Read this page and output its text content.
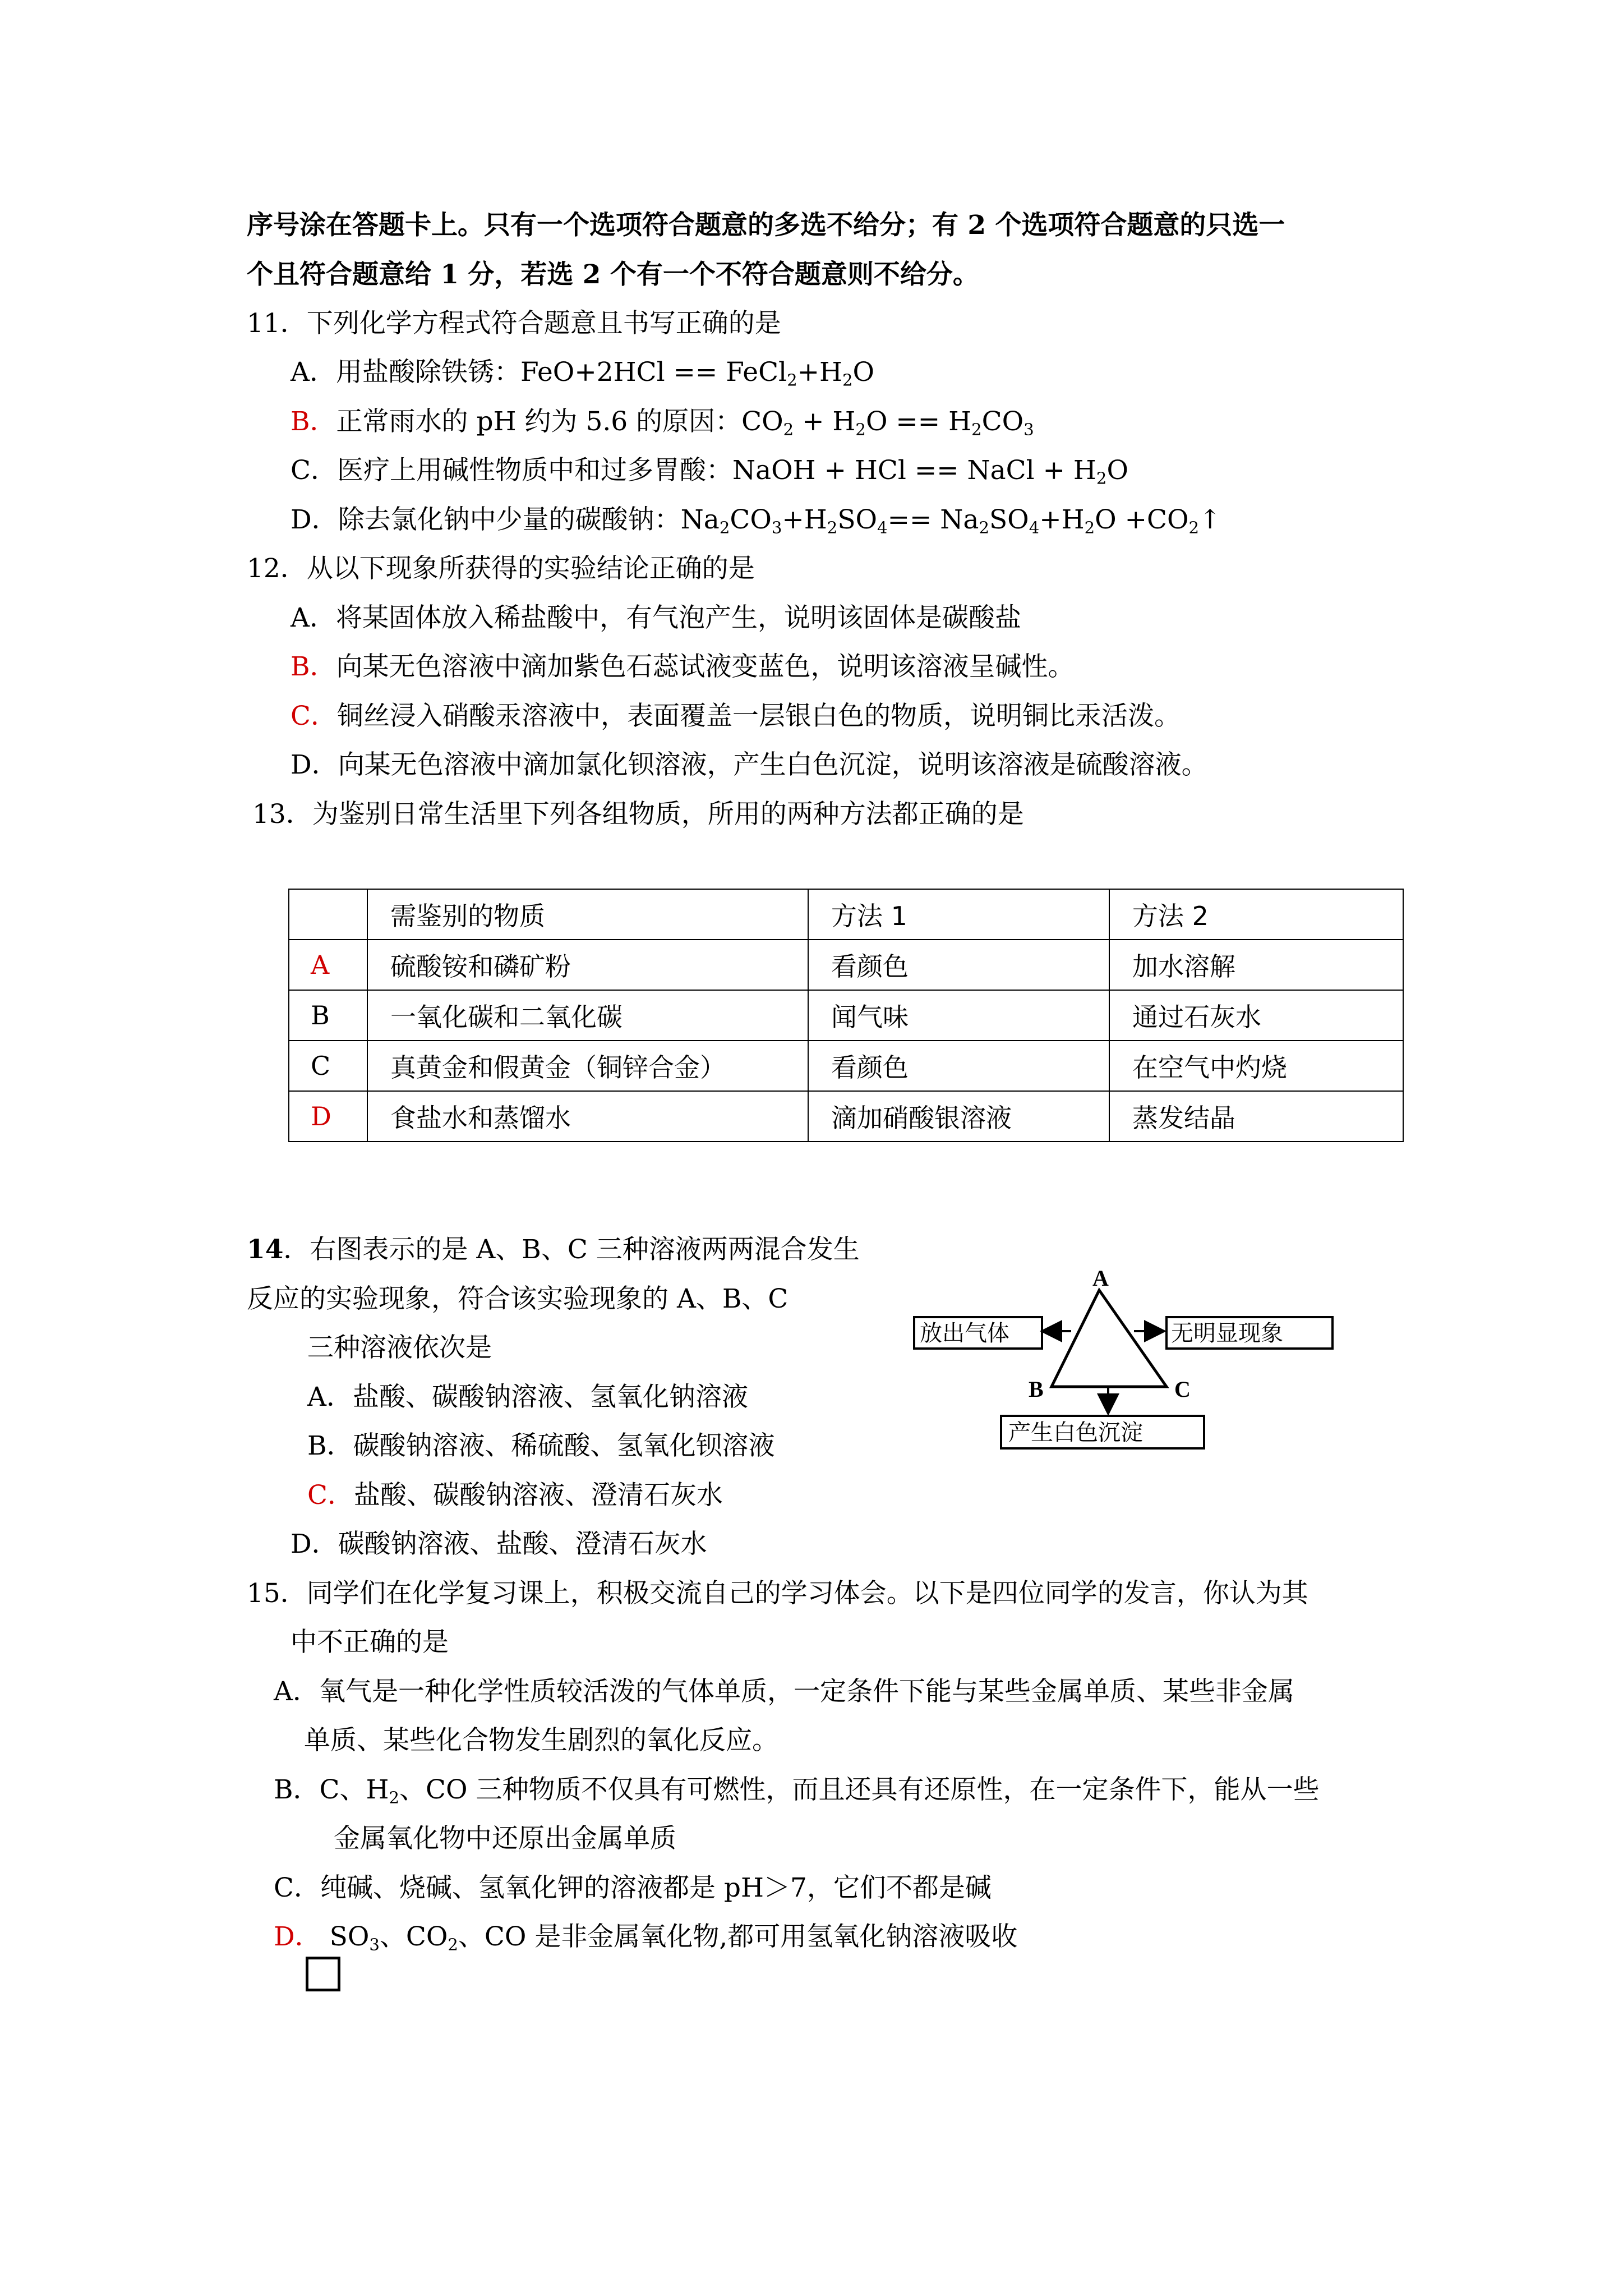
序号涂在答题卡上。只有一个选项符合题意的多选不给分；有 2 个选项符合题意的只选一
个且符合题意给 1 分，若选 2 个有一个不符合题意则不给分。
11．下列化学方程式符合题意且书写正确的是
A．用盐酸除铁锈：$FeO+2HCl == FeCl_2+H_2O$
B．正常雨水的 pH 约为 5.6 的原因：$CO_2 + H_2O == H_2CO_3$
C．医疗上用碱性物质中和过多胃酸：NaOH + HCl == NaCl + $H_2O$
D．除去氯化钠中少量的碳酸钠：$Na_2CO_3+H_2SO_4== Na_2SO_4+H_2O$ $+CO_2↑$
12．从以下现象所获得的实验结论正确的是
A．将某固体放入稀盐酸中，有气泡产生，说明该固体是碳酸盐
B．向某无色溶液中滴加紫色石蕊试液变蓝色，说明该溶液呈碱性。
C．铜丝浸入硝酸汞溶液中，表面覆盖一层银白色的物质，说明铜比汞活泼。
D．向某无色溶液中滴加氯化钡溶液，产生白色沉淀，说明该溶液是硫酸溶液。
13．为鉴别日常生活里下列各组物质，所用的两种方法都正确的是
	需鉴别的物质	方法 1	方法 2
A	硫酸铵和磷矿粉	看颜色	加水溶解
B	一氧化碳和二氧化碳	闻气味	通过石灰水
C	真黄金和假黄金（铜锌合金）	看颜色	在空气中灼烧
D	食盐水和蒸馏水	滴加硝酸银溶液	蒸发结晶
14．右图表示的是 A、B、C 三种溶液两两混合发生
反应的实验现象，符合该实验现象的 A、B、C
三种溶液依次是
A．盐酸、碳酸钠溶液、氢氧化钠溶液
B．碳酸钠溶液、稀硫酸、氢氧化钡溶液
C．盐酸、碳酸钠溶液、澄清石灰水
D．碳酸钠溶液、盐酸、澄清石灰水
A
B	C
放出气体	无明显现象
产生白色沉淀
15．同学们在化学复习课上，积极交流自己的学习体会。以下是四位同学的发言，你认为其
中不正确的是
A．氧气是一种化学性质较活泼的气体单质，一定条件下能与某些金属单质、某些非金属
单质、某些化合物发生剧烈的氧化反应。
B．C、$H_2$、CO 三种物质不仅具有可燃性，而且还具有还原性，在一定条件下，能从一些
金属氧化物中还原出金属单质
C．纯碱、烧碱、氢氧化钾的溶液都是 pH＞7，它们不都是碱
D． $SO_3$、$CO_2$、CO 是非金属氧化物,都可用氢氧化钠溶液吸收
